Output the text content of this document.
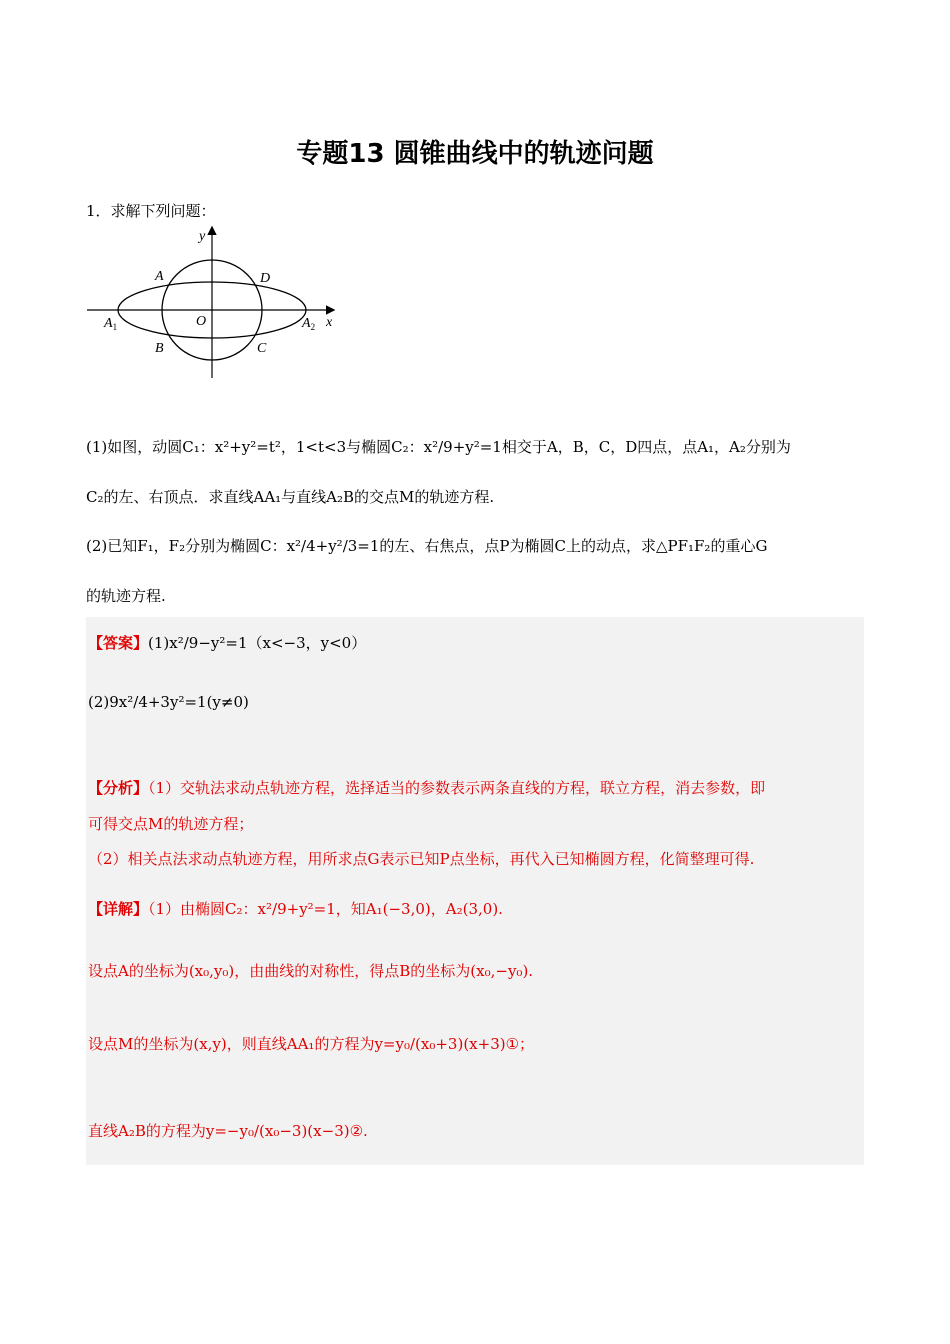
专题13 圆锥曲线中的轨迹问题
1．求解下列问题：
y
x
O
A	D
B	C
$A_1$	$A_2$
(1)如图，动圆C₁：x²+y²=t²，1<t<3与椭圆C₂：x²/9+y²=1相交于A，B，C，D四点，点A₁，A₂分别为
C₂的左、右顶点．求直线AA₁与直线A₂B的交点M的轨迹方程.
(2)已知F₁，F₂分别为椭圆C：x²/4+y²/3=1的左、右焦点，点P为椭圆C上的动点，求△PF₁F₂的重心G
的轨迹方程.
【答案】(1)x²/9−y²=1（x<−3，y<0）
(2)9x²/4+3y²=1(y≠0)
【分析】（1）交轨法求动点轨迹方程，选择适当的参数表示两条直线的方程，联立方程，消去参数，即
可得交点M的轨迹方程；
（2）相关点法求动点轨迹方程，用所求点G表示已知P点坐标，再代入已知椭圆方程，化简整理可得.
【详解】（1）由椭圆C₂：x²/9+y²=1，知A₁(−3,0)，A₂(3,0).
设点A的坐标为(x₀,y₀)，由曲线的对称性，得点B的坐标为(x₀,−y₀).
设点M的坐标为(x,y)，则直线AA₁的方程为y=y₀/(x₀+3)(x+3)①；
直线A₂B的方程为y=−y₀/(x₀−3)(x−3)②.
